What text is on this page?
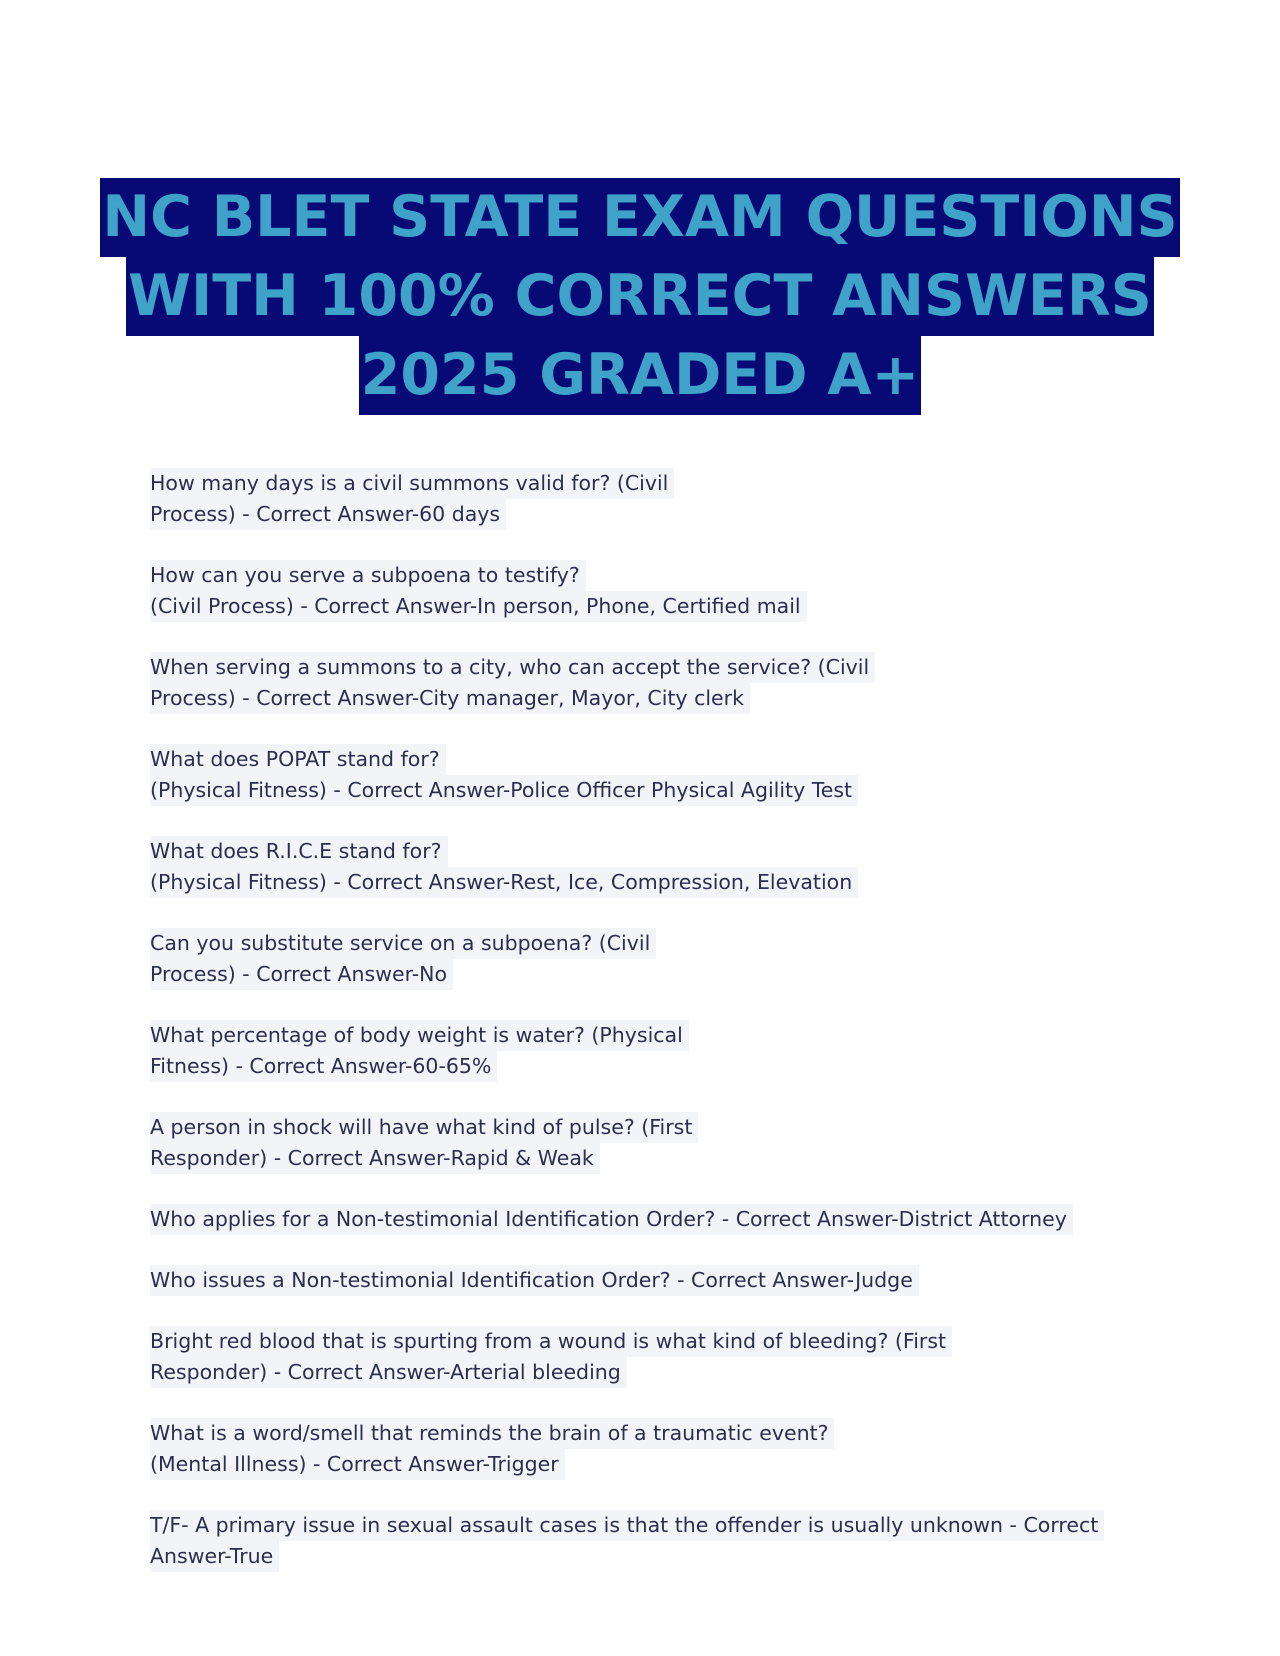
NC BLET STATE EXAM QUESTIONS
WITH 100% CORRECT ANSWERS
2025 GRADED A+
How many days is a civil summons valid for? (Civil
Process) - Correct Answer-60 days
How can you serve a subpoena to testify?
(Civil Process) - Correct Answer-In person, Phone, Certified mail
When serving a summons to a city, who can accept the service? (Civil
Process) - Correct Answer-City manager, Mayor, City clerk
What does POPAT stand for?
(Physical Fitness) - Correct Answer-Police Officer Physical Agility Test
What does R.I.C.E stand for?
(Physical Fitness) - Correct Answer-Rest, Ice, Compression, Elevation
Can you substitute service on a subpoena? (Civil
Process) - Correct Answer-No
What percentage of body weight is water? (Physical
Fitness) - Correct Answer-60-65%
A person in shock will have what kind of pulse? (First
Responder) - Correct Answer-Rapid & Weak
Who applies for a Non-testimonial Identification Order? - Correct Answer-District Attorney
Who issues a Non-testimonial Identification Order? - Correct Answer-Judge
Bright red blood that is spurting from a wound is what kind of bleeding? (First
Responder) - Correct Answer-Arterial bleeding
What is a word/smell that reminds the brain of a traumatic event?
(Mental Illness) - Correct Answer-Trigger
T/F- A primary issue in sexual assault cases is that the offender is usually unknown - Correct
Answer-True
